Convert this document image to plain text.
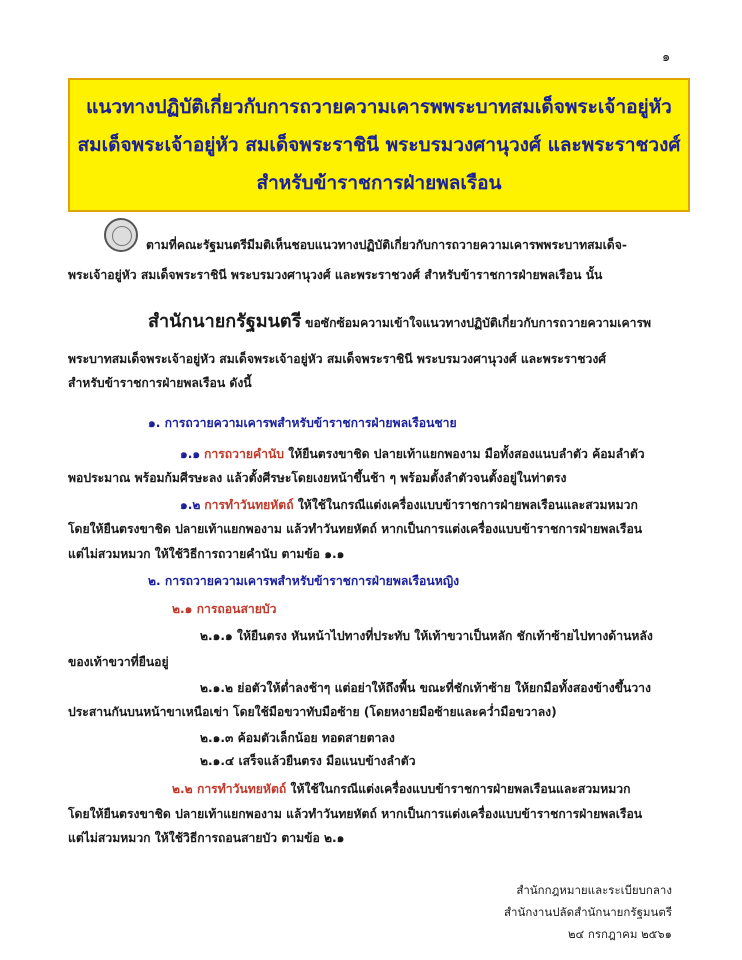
๑
แนวทางปฏิบัติเกี่ยวกับการถวายความเคารพพระบาทสมเด็จพระเจ้าอยู่หัว
สมเด็จพระเจ้าอยู่หัว สมเด็จพระราชินี พระบรมวงศานุวงศ์ และพระราชวงศ์
สำหรับข้าราชการฝ่ายพลเรือน
ตามที่คณะรัฐมนตรีมีมติเห็นชอบแนวทางปฏิบัติเกี่ยวกับการถวายความเคารพพระบาทสมเด็จ-
พระเจ้าอยู่หัว สมเด็จพระราชินี พระบรมวงศานุวงศ์ และพระราชวงศ์ สำหรับข้าราชการฝ่ายพลเรือน นั้น
สำนักนายกรัฐมนตรี ขอซักซ้อมความเข้าใจแนวทางปฏิบัติเกี่ยวกับการถวายความเคารพ
พระบาทสมเด็จพระเจ้าอยู่หัว สมเด็จพระเจ้าอยู่หัว สมเด็จพระราชินี พระบรมวงศานุวงศ์ และพระราชวงศ์
สำหรับข้าราชการฝ่ายพลเรือน ดังนี้
๑. การถวายความเคารพสำหรับข้าราชการฝ่ายพลเรือนชาย
๑.๑ การถวายคำนับ ให้ยืนตรงขาชิด ปลายเท้าแยกพองาม มือทั้งสองแนบลำตัว ค้อมลำตัว
พอประมาณ พร้อมก้มศีรษะลง แล้วตั้งศีรษะโดยเงยหน้าขึ้นช้า ๆ พร้อมตั้งลำตัวจนตั้งอยู่ในท่าตรง
๑.๒ การทำวันทยหัตถ์ ให้ใช้ในกรณีแต่งเครื่องแบบข้าราชการฝ่ายพลเรือนและสวมหมวก
โดยให้ยืนตรงขาชิด ปลายเท้าแยกพองาม แล้วทำวันทยหัตถ์ หากเป็นการแต่งเครื่องแบบข้าราชการฝ่ายพลเรือน
แต่ไม่สวมหมวก ให้ใช้วิธีการถวายคำนับ ตามข้อ ๑.๑
๒. การถวายความเคารพสำหรับข้าราชการฝ่ายพลเรือนหญิง
๒.๑ การถอนสายบัว
๒.๑.๑ ให้ยืนตรง หันหน้าไปทางที่ประทับ ให้เท้าขวาเป็นหลัก ชักเท้าซ้ายไปทางด้านหลัง
ของเท้าขวาที่ยืนอยู่
๒.๑.๒ ย่อตัวให้ต่ำลงช้าๆ แต่อย่าให้ถึงพื้น ขณะที่ชักเท้าซ้าย ให้ยกมือทั้งสองข้างขึ้นวาง
ประสานกันบนหน้าขาเหนือเข่า โดยใช้มือขวาทับมือซ้าย (โดยหงายมือซ้ายและคว่ำมือขวาลง)
๒.๑.๓ ค้อมตัวเล็กน้อย ทอดสายตาลง
๒.๑.๔ เสร็จแล้วยืนตรง มือแนบข้างลำตัว
๒.๒ การทำวันทยหัตถ์ ให้ใช้ในกรณีแต่งเครื่องแบบข้าราชการฝ่ายพลเรือนและสวมหมวก
โดยให้ยืนตรงขาชิด ปลายเท้าแยกพองาม แล้วทำวันทยหัตถ์ หากเป็นการแต่งเครื่องแบบข้าราชการฝ่ายพลเรือน
แต่ไม่สวมหมวก ให้ใช้วิธีการถอนสายบัว ตามข้อ ๒.๑
สำนักกฎหมายและระเบียบกลาง
สำนักงานปลัดสำนักนายกรัฐมนตรี
๒๔ กรกฎาคม ๒๕๖๑
